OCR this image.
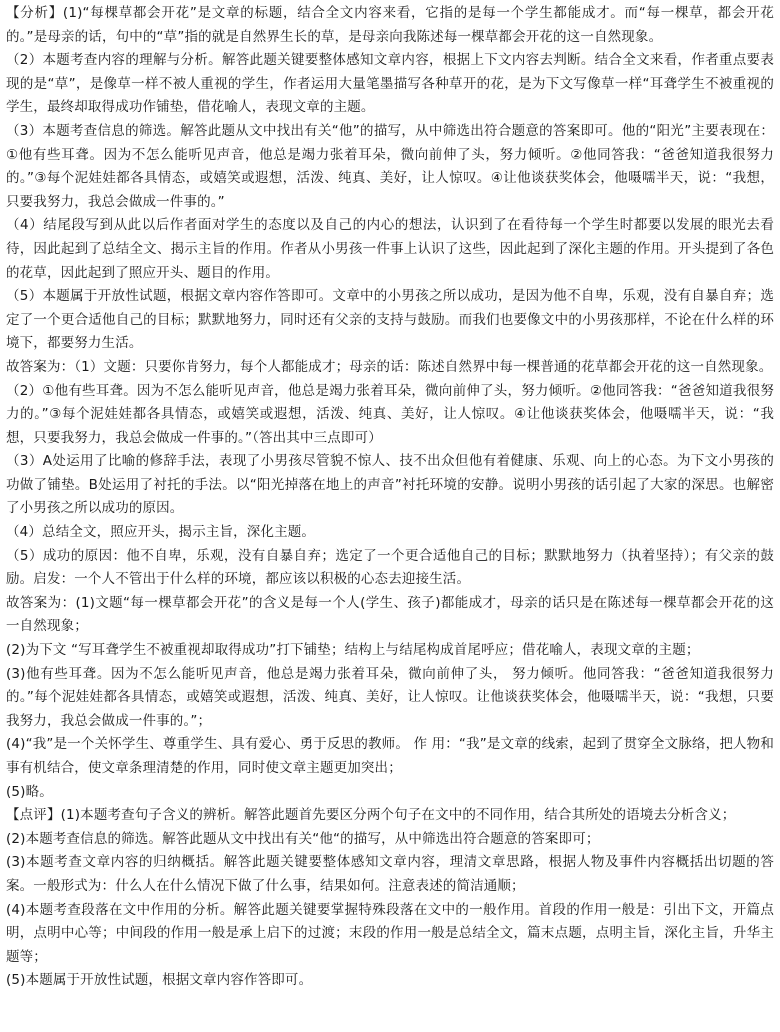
【分析】(1)“每棵草都会开花”是文章的标题，结合全文内容来看，它指的是每一个学生都能成才。而“每一棵草，都会开花的。”是母亲的话，句中的“草”指的就是自然界生长的草，是母亲向我陈述每一棵草都会开花的这一自然现象。

（2）本题考查内容的理解与分析。解答此题关键要整体感知文章内容，根据上下文内容去判断。结合全文来看，作者重点要表现的是“草”，是像草一样不被人重视的学生，作者运用大量笔墨描写各种草开的花，是为下文写像草一样“耳聋学生不被重视的学生，最终却取得成功作铺垫，借花喻人，表现文章的主题。

（3）本题考查信息的筛选。解答此题从文中找出有关“他”的描写，从中筛选出符合题意的答案即可。他的“阳光”主要表现在：①他有些耳聋。因为不怎么能听见声音，他总是竭力张着耳朵，微向前伸了头，努力倾听。②他同答我：“爸爸知道我很努力的。”③每个泥娃娃都各具情态，或嬉笑或遐想，活泼、纯真、美好，让人惊叹。④让他谈获奖体会，他嗫嚅半天，说：“我想，只要我努力，我总会做成一件事的。”

（4）结尾段写到从此以后作者面对学生的态度以及自己的内心的想法，认识到了在看待每一个学生时都要以发展的眼光去看待，因此起到了总结全文、揭示主旨的作用。作者从小男孩一件事上认识了这些，因此起到了深化主题的作用。开头提到了各色的花草，因此起到了照应开头、题目的作用。

（5）本题属于开放性试题，根据文章内容作答即可。文章中的小男孩之所以成功，是因为他不自卑，乐观，没有自暴自弃；选定了一个更合适他自己的目标；默默地努力，同时还有父亲的支持与鼓励。而我们也要像文中的小男孩那样，不论在什么样的环境下，都要努力生活。

故答案为：（1）文题：只要你肯努力，每个人都能成才；母亲的话：陈述自然界中每一棵普通的花草都会开花的这一自然现象。

（2）①他有些耳聋。因为不怎么能听见声音，他总是竭力张着耳朵，微向前伸了头，努力倾听。②他同答我：“爸爸知道我很努力的。”③每个泥娃娃都各具情态，或嬉笑或遐想，活泼、纯真、美好，让人惊叹。④让他谈获奖体会，他嗫嚅半天，说：“我想，只要我努力，我总会做成一件事的。”（答出其中三点即可）

（3）A处运用了比喻的修辞手法，表现了小男孩尽管貌不惊人、技不出众但他有着健康、乐观、向上的心态。为下文小男孩的功做了铺垫。B处运用了衬托的手法。以“阳光掉落在地上的声音”衬托环境的安静。说明小男孩的话引起了大家的深思。也解密了小男孩之所以成功的原因。

（4）总结全文，照应开头，揭示主旨，深化主题。

（5）成功的原因：他不自卑，乐观，没有自暴自弃；选定了一个更合适他自己的目标；默默地努力（执着坚持）；有父亲的鼓励。启发：一个人不管出于什么样的环境，都应该以积极的心态去迎接生活。

故答案为：(1)文题“每一棵草都会开花”的含义是每一个人(学生、孩子)都能成才，母亲的话只是在陈述每一棵草都会开花的这一自然现象；

(2)为下文 “写耳聋学生不被重视却取得成功”打下铺垫；结构上与结尾构成首尾呼应；借花喻人，表现文章的主题；

(3)他有些耳聋。因为不怎么能听见声音，他总是竭力张着耳朵，微向前伸了头， 努力倾听。他同答我：“爸爸知道我很努力的。”每个泥娃娃都各具情态，或嬉笑或遐想，活泼、纯真、美好，让人惊叹。让他谈获奖体会，他嗫嚅半天，说：“我想，只要我努力，我总会做成一件事的。”；

(4)“我”是一个关怀学生、尊重学生、具有爱心、勇于反思的教师。 作 用：“我”是文章的线索，起到了贯穿全文脉络，把人物和事有机结合，使文章条理清楚的作用，同时使文章主题更加突出；

(5)略。

【点评】(1)本题考查句子含义的辨析。解答此题首先要区分两个句子在文中的不同作用，结合其所处的语境去分析含义；

(2)本题考查信息的筛选。解答此题从文中找出有关“他“的描写，从中筛选出符合题意的答案即可；

(3)本题考查文章内容的归纳概括。解答此题关键要整体感知文章内容，理清文章思路，根据人物及事件内容概括出切题的答案。一般形式为：什么人在什么情况下做了什么事，结果如何。注意表述的简洁通顺；

(4)本题考查段落在文中作用的分析。解答此题关键要掌握特殊段落在文中的一般作用。首段的作用一般是：引出下文，开篇点明，点明中心等；中间段的作用一般是承上启下的过渡；末段的作用一般是总结全文，篇末点题，点明主旨，深化主旨，升华主题等；

(5)本题属于开放性试题，根据文章内容作答即可。
